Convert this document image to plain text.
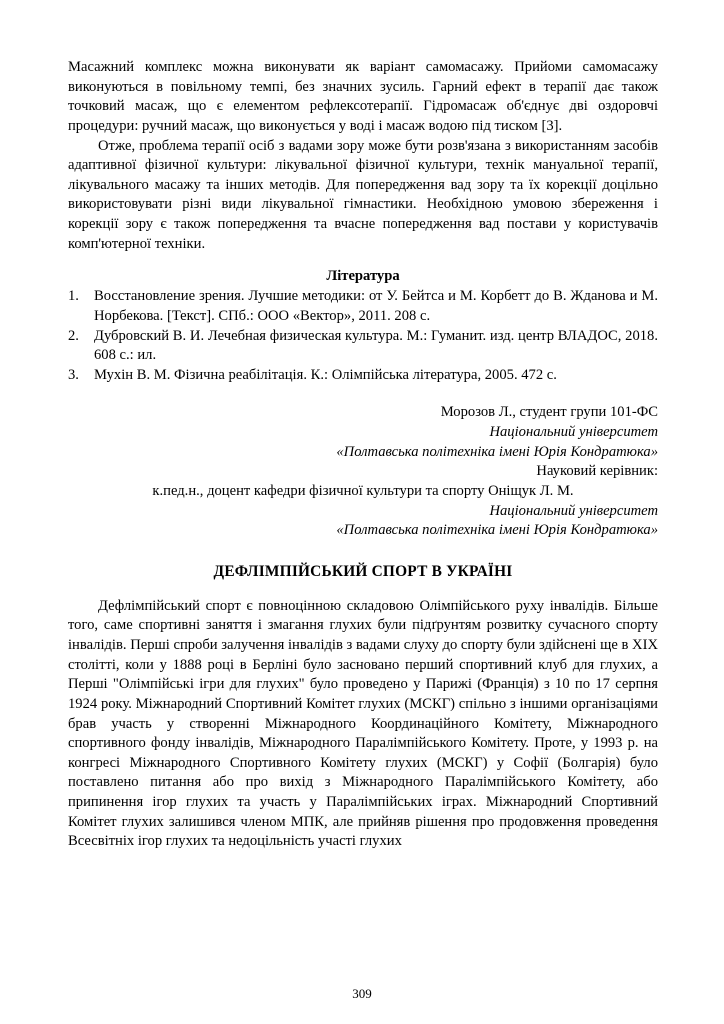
Масажний комплекс можна виконувати як варіант самомасажу. Прийоми самомасажу виконуються в повільному темпі, без значних зусиль. Гарний ефект в терапії дає також точковий масаж, що є елементом рефлексотерапії. Гідромасаж об'єднує дві оздоровчі процедури: ручний масаж, що виконується у воді і масаж водою під тиском [3].

Отже, проблема терапії осіб з вадами зору може бути розв'язана з використанням засобів адаптивної фізичної культури: лікувальної фізичної культури, технік мануальної терапії, лікувального масажу та інших методів. Для попередження вад зору та їх корекції доцільно використовувати різні види лікувальної гімнастики. Необхідною умовою збереження і корекції зору є також попередження та вчасне попередження вад постави у користувачів комп'ютерної техніки.

Література
1.	Восстановление зрения. Лучшие методики: от У. Бейтса и М. Корбетт до В. Жданова и М. Норбекова. [Текст]. СПб.: ООО «Вектор», 2011. 208 с.
2.	Дубровский В. И. Лечебная физическая культура. М.: Гуманит. изд. центр ВЛАДОС, 2018. 608 с.: ил.
3.	Мухін В. М. Фізична реабілітація. К.: Олімпійська література, 2005. 472 с.
Морозов Л., студент групи 101-ФС
Національний університет
«Полтавська політехніка імені Юрія Кондратюка»
Науковий керівник:
к.пед.н., доцент кафедри фізичної культури та спорту Оніщук Л. М.
Національний університет
«Полтавська політехніка імені Юрія Кондратюка»
ДЕФЛІМПІЙСЬКИЙ СПОРТ В УКРАЇНІ

Дефлімпійський спорт є повноцінною складовою Олімпійського руху інвалідів. Більше того, саме спортивні заняття і змагання глухих були підґрунтям розвитку сучасного спорту інвалідів. Перші спроби залучення інвалідів з вадами слуху до спорту були здійснені ще в XIX столітті, коли у 1888 році в Берліні було засновано перший спортивний клуб для глухих, а Перші "Олімпійські ігри для глухих" було проведено у Парижі (Франція) з 10 по 17 серпня 1924 року. Міжнародний Спортивний Комітет глухих (МСКГ) спільно з іншими організаціями брав участь у створенні Міжнародного Координаційного Комітету, Міжнародного спортивного фонду інвалідів, Міжнародного Паралімпійського Комітету. Проте, у 1993 р. на конгресі Міжнародного Спортивного Комітету глухих (МСКГ) у Софії (Болгарія) було поставлено питання або про вихід з Міжнародного Паралімпійського Комітету, або припинення ігор глухих та участь у Паралімпійських іграх. Міжнародний Спортивний Комітет глухих залишився членом МПК, але прийняв рішення про продовження проведення Всесвітніх ігор глухих та недоцільність участі глухих

309
